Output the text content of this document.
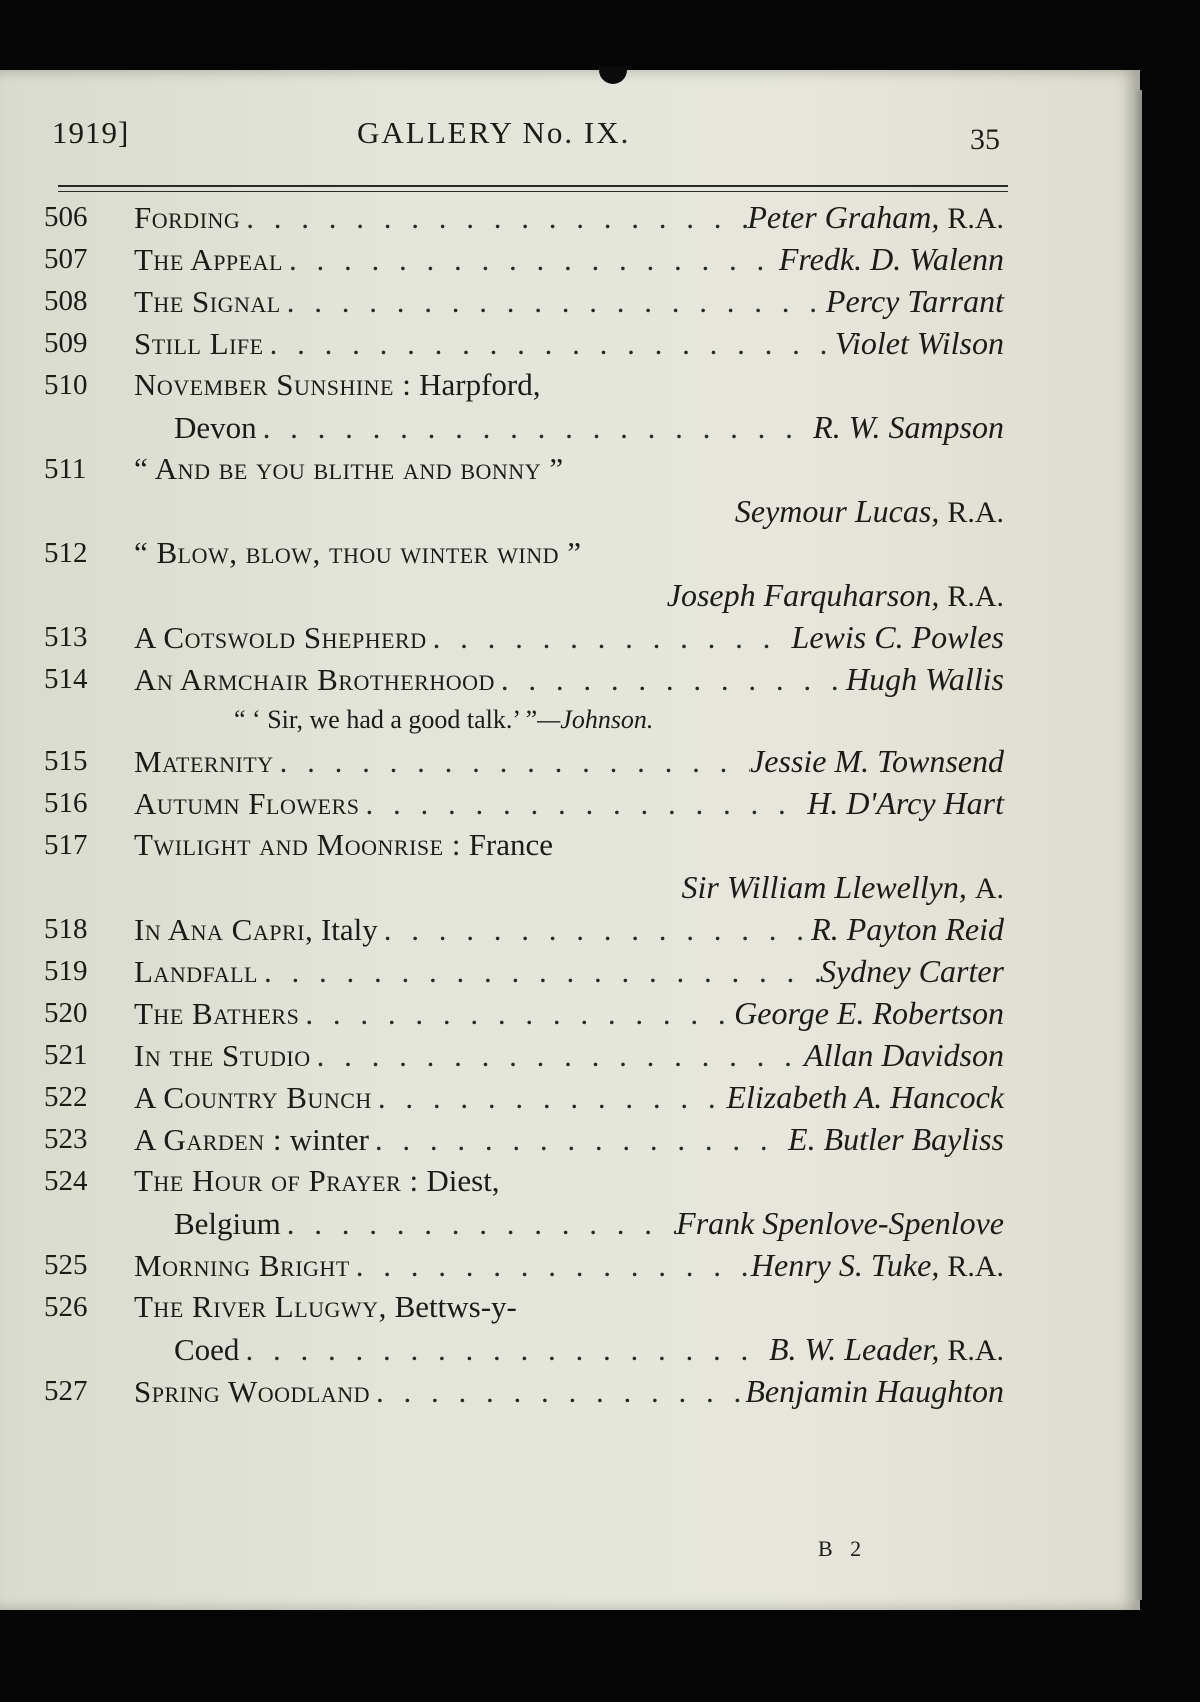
1919]	GALLERY No. IX.	35
506	Fording . . .	Peter Graham, R.A.
507	The Appeal . . .	Fredk. D. Walenn
508	The Signal . . .	Percy Tarrant
509	Still Life . . .	Violet Wilson
510	November Sunshine :
Harpford,
Devon . . .	R. W. Sampson
511	“ And be you blithe and bonny ”
Seymour Lucas, R.A.
512	“ Blow, blow, thou winter wind ”
Joseph Farquharson, R.A.
513	A Cotswold Shepherd . . .	Lewis C. Powles
514	An Armchair Brotherhood . . .	Hugh Wallis
“ ‘ Sir, we had a good talk.’ ”—Johnson.
515	Maternity . . .	Jessie M. Townsend
516	Autumn Flowers . . .	H. D'Arcy Hart
517	Twilight and Moonrise :
France
Sir William Llewellyn, A.
518	In Ana Capri,
Italy . . .	R. Payton Reid
519	Landfall . . .	Sydney Carter
520	The Bathers . . .	George E. Robertson
521	In the Studio . . .	Allan Davidson
522	A Country Bunch . . .	Elizabeth A. Hancock
523	A Garden :
winter . . .	E. Butler Bayliss
524	The Hour of Prayer :
Diest,
Belgium . . .	Frank Spenlove-Spenlove
525	Morning Bright . . .	Henry S. Tuke, R.A.
526	The River Llugwy,
Bettws-y-
Coed . . .	B. W. Leader, R.A.
527	Spring Woodland . . .	Benjamin Haughton
B 2
